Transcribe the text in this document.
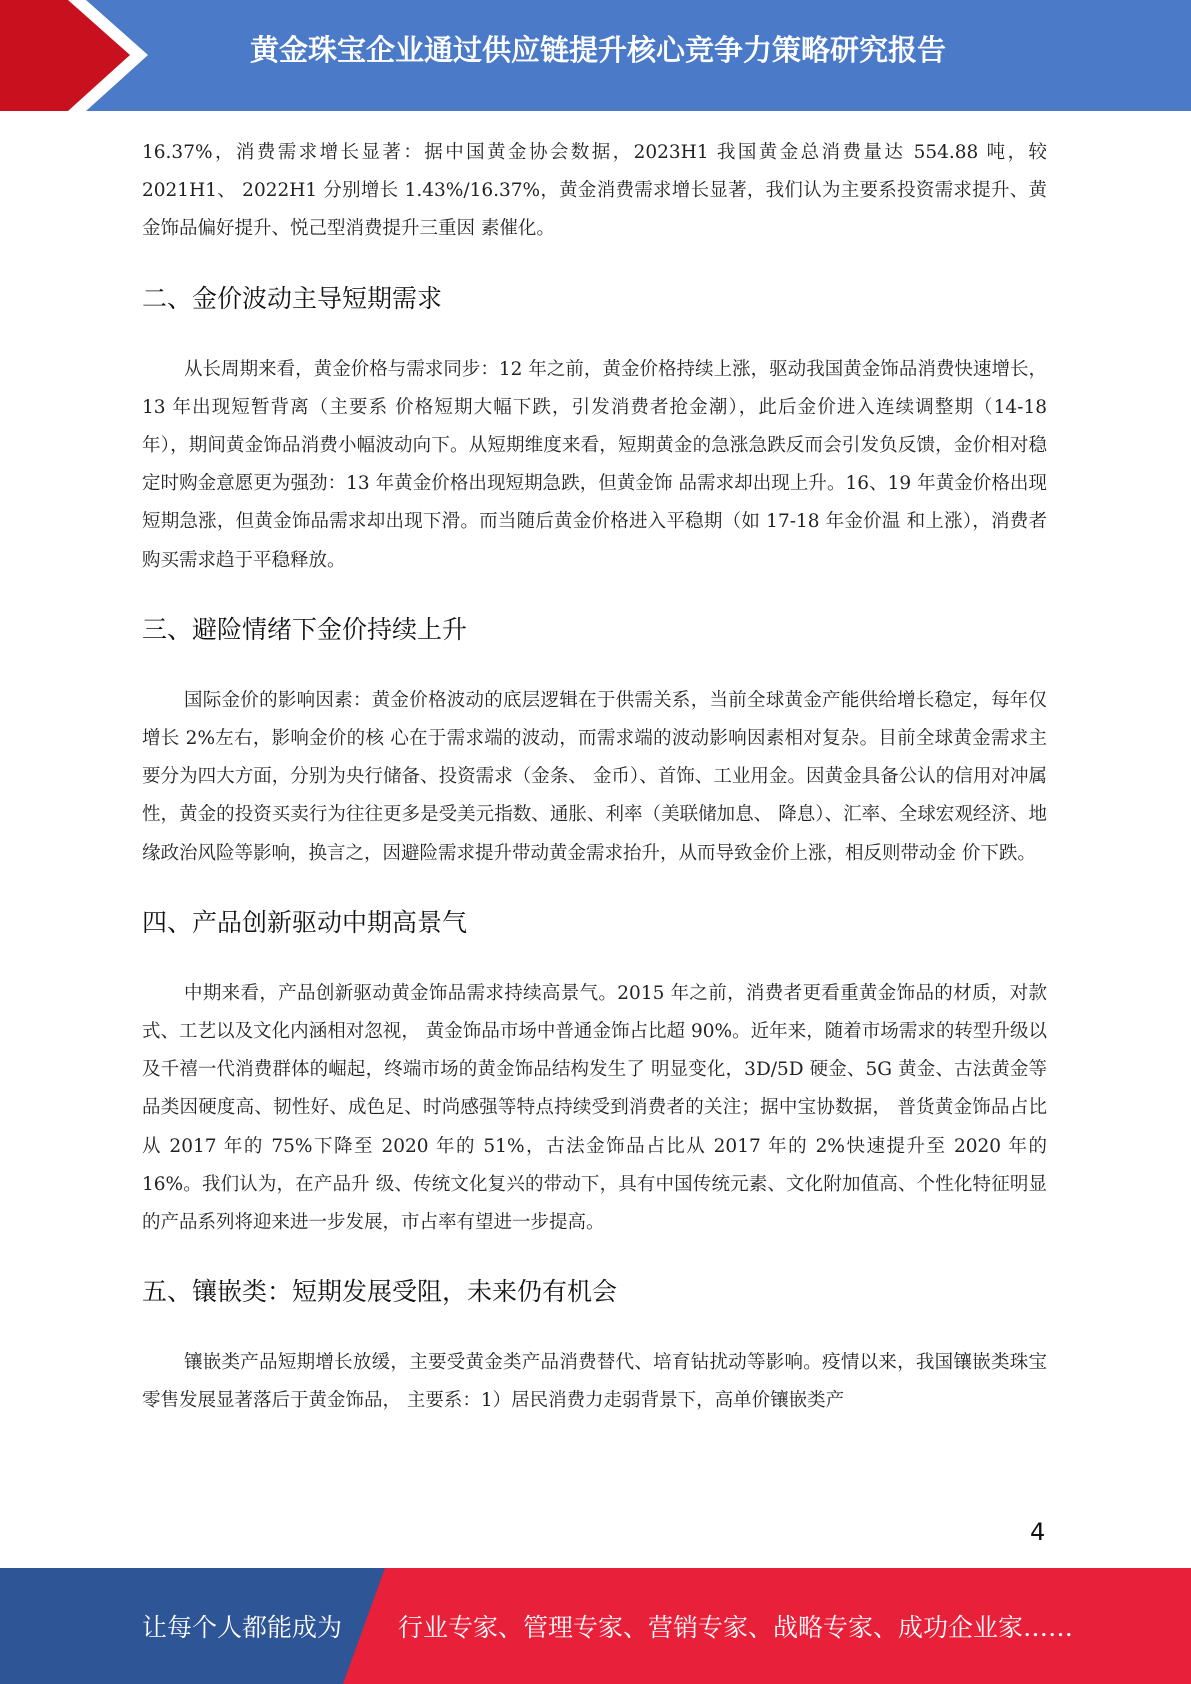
黄金珠宝企业通过供应链提升核心竞争力策略研究报告

16.37%，消费需求增长显著：据中国黄金协会数据，2023H1 我国黄金总消费量达 554.88 吨，较 2021H1、 2022H1 分别增长 1.43%/16.37%，黄金消费需求增长显著，我们认为主要系投资需求提升、黄金饰品偏好提升、悦己型消费提升三重因 素催化。

二、金价波动主导短期需求

从长周期来看，黄金价格与需求同步：12 年之前，黄金价格持续上涨，驱动我国黄金饰品消费快速增长，13 年出现短暂背离（主要系 价格短期大幅下跌，引发消费者抢金潮），此后金价进入连续调整期（14-18 年），期间黄金饰品消费小幅波动向下。从短期维度来看，短期黄金的急涨急跌反而会引发负反馈，金价相对稳定时购金意愿更为强劲：13 年黄金价格出现短期急跌，但黄金饰 品需求却出现上升。16、19 年黄金价格出现短期急涨，但黄金饰品需求却出现下滑。而当随后黄金价格进入平稳期（如 17-18 年金价温 和上涨），消费者购买需求趋于平稳释放。

三、避险情绪下金价持续上升

国际金价的影响因素：黄金价格波动的底层逻辑在于供需关系，当前全球黄金产能供给增长稳定，每年仅增长 2%左右，影响金价的核 心在于需求端的波动，而需求端的波动影响因素相对复杂。目前全球黄金需求主要分为四大方面，分别为央行储备、投资需求（金条、 金币）、首饰、工业用金。因黄金具备公认的信用对冲属性，黄金的投资买卖行为往往更多是受美元指数、通胀、利率（美联储加息、 降息）、汇率、全球宏观经济、地缘政治风险等影响，换言之，因避险需求提升带动黄金需求抬升，从而导致金价上涨，相反则带动金 价下跌。

四、产品创新驱动中期高景气

中期来看，产品创新驱动黄金饰品需求持续高景气。2015 年之前，消费者更看重黄金饰品的材质，对款式、工艺以及文化内涵相对忽视， 黄金饰品市场中普通金饰占比超 90%。近年来，随着市场需求的转型升级以及千禧一代消费群体的崛起，终端市场的黄金饰品结构发生了 明显变化，3D/5D 硬金、5G 黄金、古法黄金等品类因硬度高、韧性好、成色足、时尚感强等特点持续受到消费者的关注；据中宝协数据， 普货黄金饰品占比从 2017 年的 75%下降至 2020 年的 51%，古法金饰品占比从 2017 年的 2%快速提升至 2020 年的 16%。我们认为，在产品升 级、传统文化复兴的带动下，具有中国传统元素、文化附加值高、个性化特征明显的产品系列将迎来进一步发展，市占率有望进一步提高。

五、镶嵌类：短期发展受阻，未来仍有机会

镶嵌类产品短期增长放缓，主要受黄金类产品消费替代、培育钻扰动等影响。疫情以来，我国镶嵌类珠宝零售发展显著落后于黄金饰品， 主要系：1）居民消费力走弱背景下，高单价镶嵌类产

4
让每个人都能成为 行业专家、管理专家、营销专家、战略专家、成功企业家……
